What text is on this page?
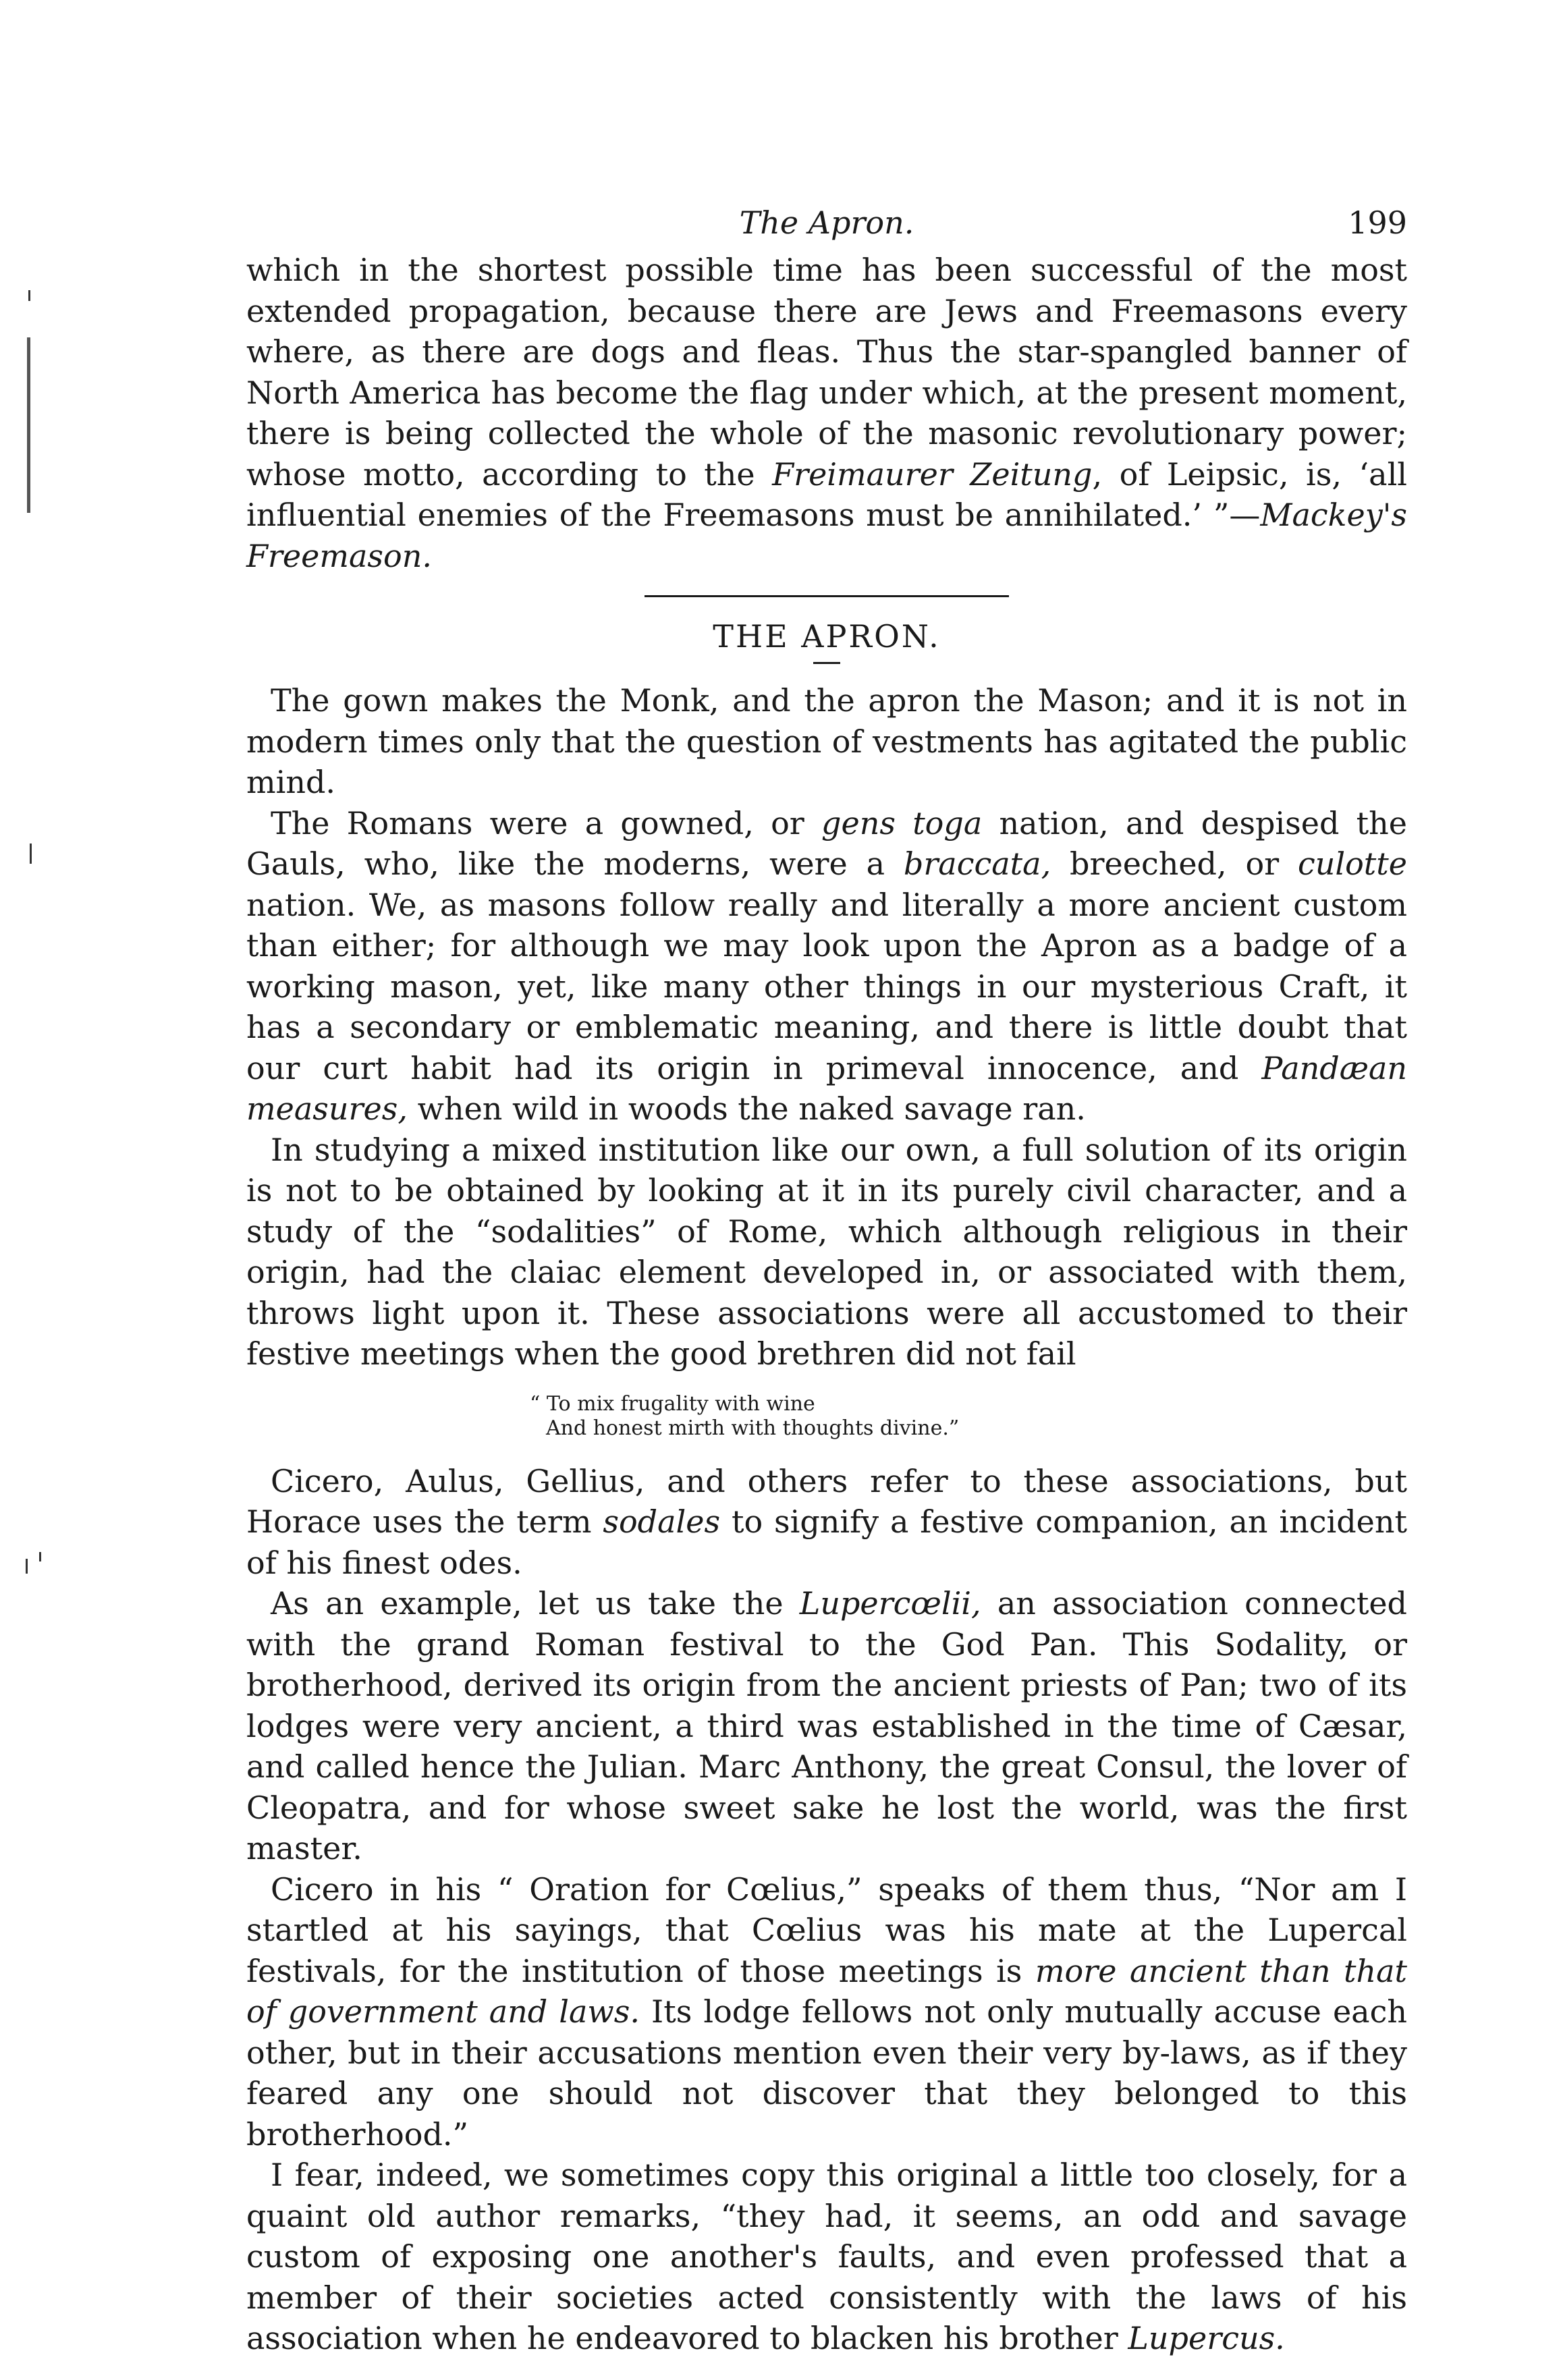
The Apron.	199

which in the shortest possible time has been successful of the most extended propagation, because there are Jews and Freemasons every where, as there are dogs and fleas. Thus the star-spangled banner of North America has become the flag under which, at the present moment, there is being collected the whole of the masonic revolutionary power; whose motto, according to the Freimaurer Zeitung, of Leipsic, is, ‘all influential enemies of the Freemasons must be annihilated.’ ”—Mackey's Freemason.

THE APRON.

The gown makes the Monk, and the apron the Mason; and it is not in modern times only that the question of vestments has agitated the public mind.

The Romans were a gowned, or gens toga nation, and despised the Gauls, who, like the moderns, were a braccata, breeched, or culotte nation. We, as masons follow really and literally a more ancient custom than either; for although we may look upon the Apron as a badge of a working mason, yet, like many other things in our mysterious Craft, it has a secondary or emblematic meaning, and there is little doubt that our curt habit had its origin in primeval innocence, and Pandæan measures, when wild in woods the naked savage ran.

In studying a mixed institution like our own, a full solution of its origin is not to be obtained by looking at it in its purely civil character, and a study of the “sodalities” of Rome, which although religious in their origin, had the claiac element developed in, or associated with them, throws light upon it. These associations were all accustomed to their festive meetings when the good brethren did not fail

“ To mix frugality with wine
And honest mirth with thoughts divine.”

Cicero, Aulus, Gellius, and others refer to these associations, but Horace uses the term sodales to signify a festive companion, an incident of his finest odes.

As an example, let us take the Lupercœlii, an association connected with the grand Roman festival to the God Pan. This Sodality, or brotherhood, derived its origin from the ancient priests of Pan; two of its lodges were very ancient, a third was established in the time of Cæsar, and called hence the Julian. Marc Anthony, the great Consul, the lover of Cleopatra, and for whose sweet sake he lost the world, was the first master.

Cicero in his “ Oration for Cœlius,” speaks of them thus, “Nor am I startled at his sayings, that Cœlius was his mate at the Lupercal festivals, for the institution of those meetings is more ancient than that of government and laws. Its lodge fellows not only mutually accuse each other, but in their accusations mention even their very by-laws, as if they feared any one should not discover that they belonged to this brotherhood.”

I fear, indeed, we sometimes copy this original a little too closely, for a quaint old author remarks, “they had, it seems, an odd and savage custom of exposing one another's faults, and even professed that a member of their societies acted consistently with the laws of his association when he endeavored to blacken his brother Lupercus.
